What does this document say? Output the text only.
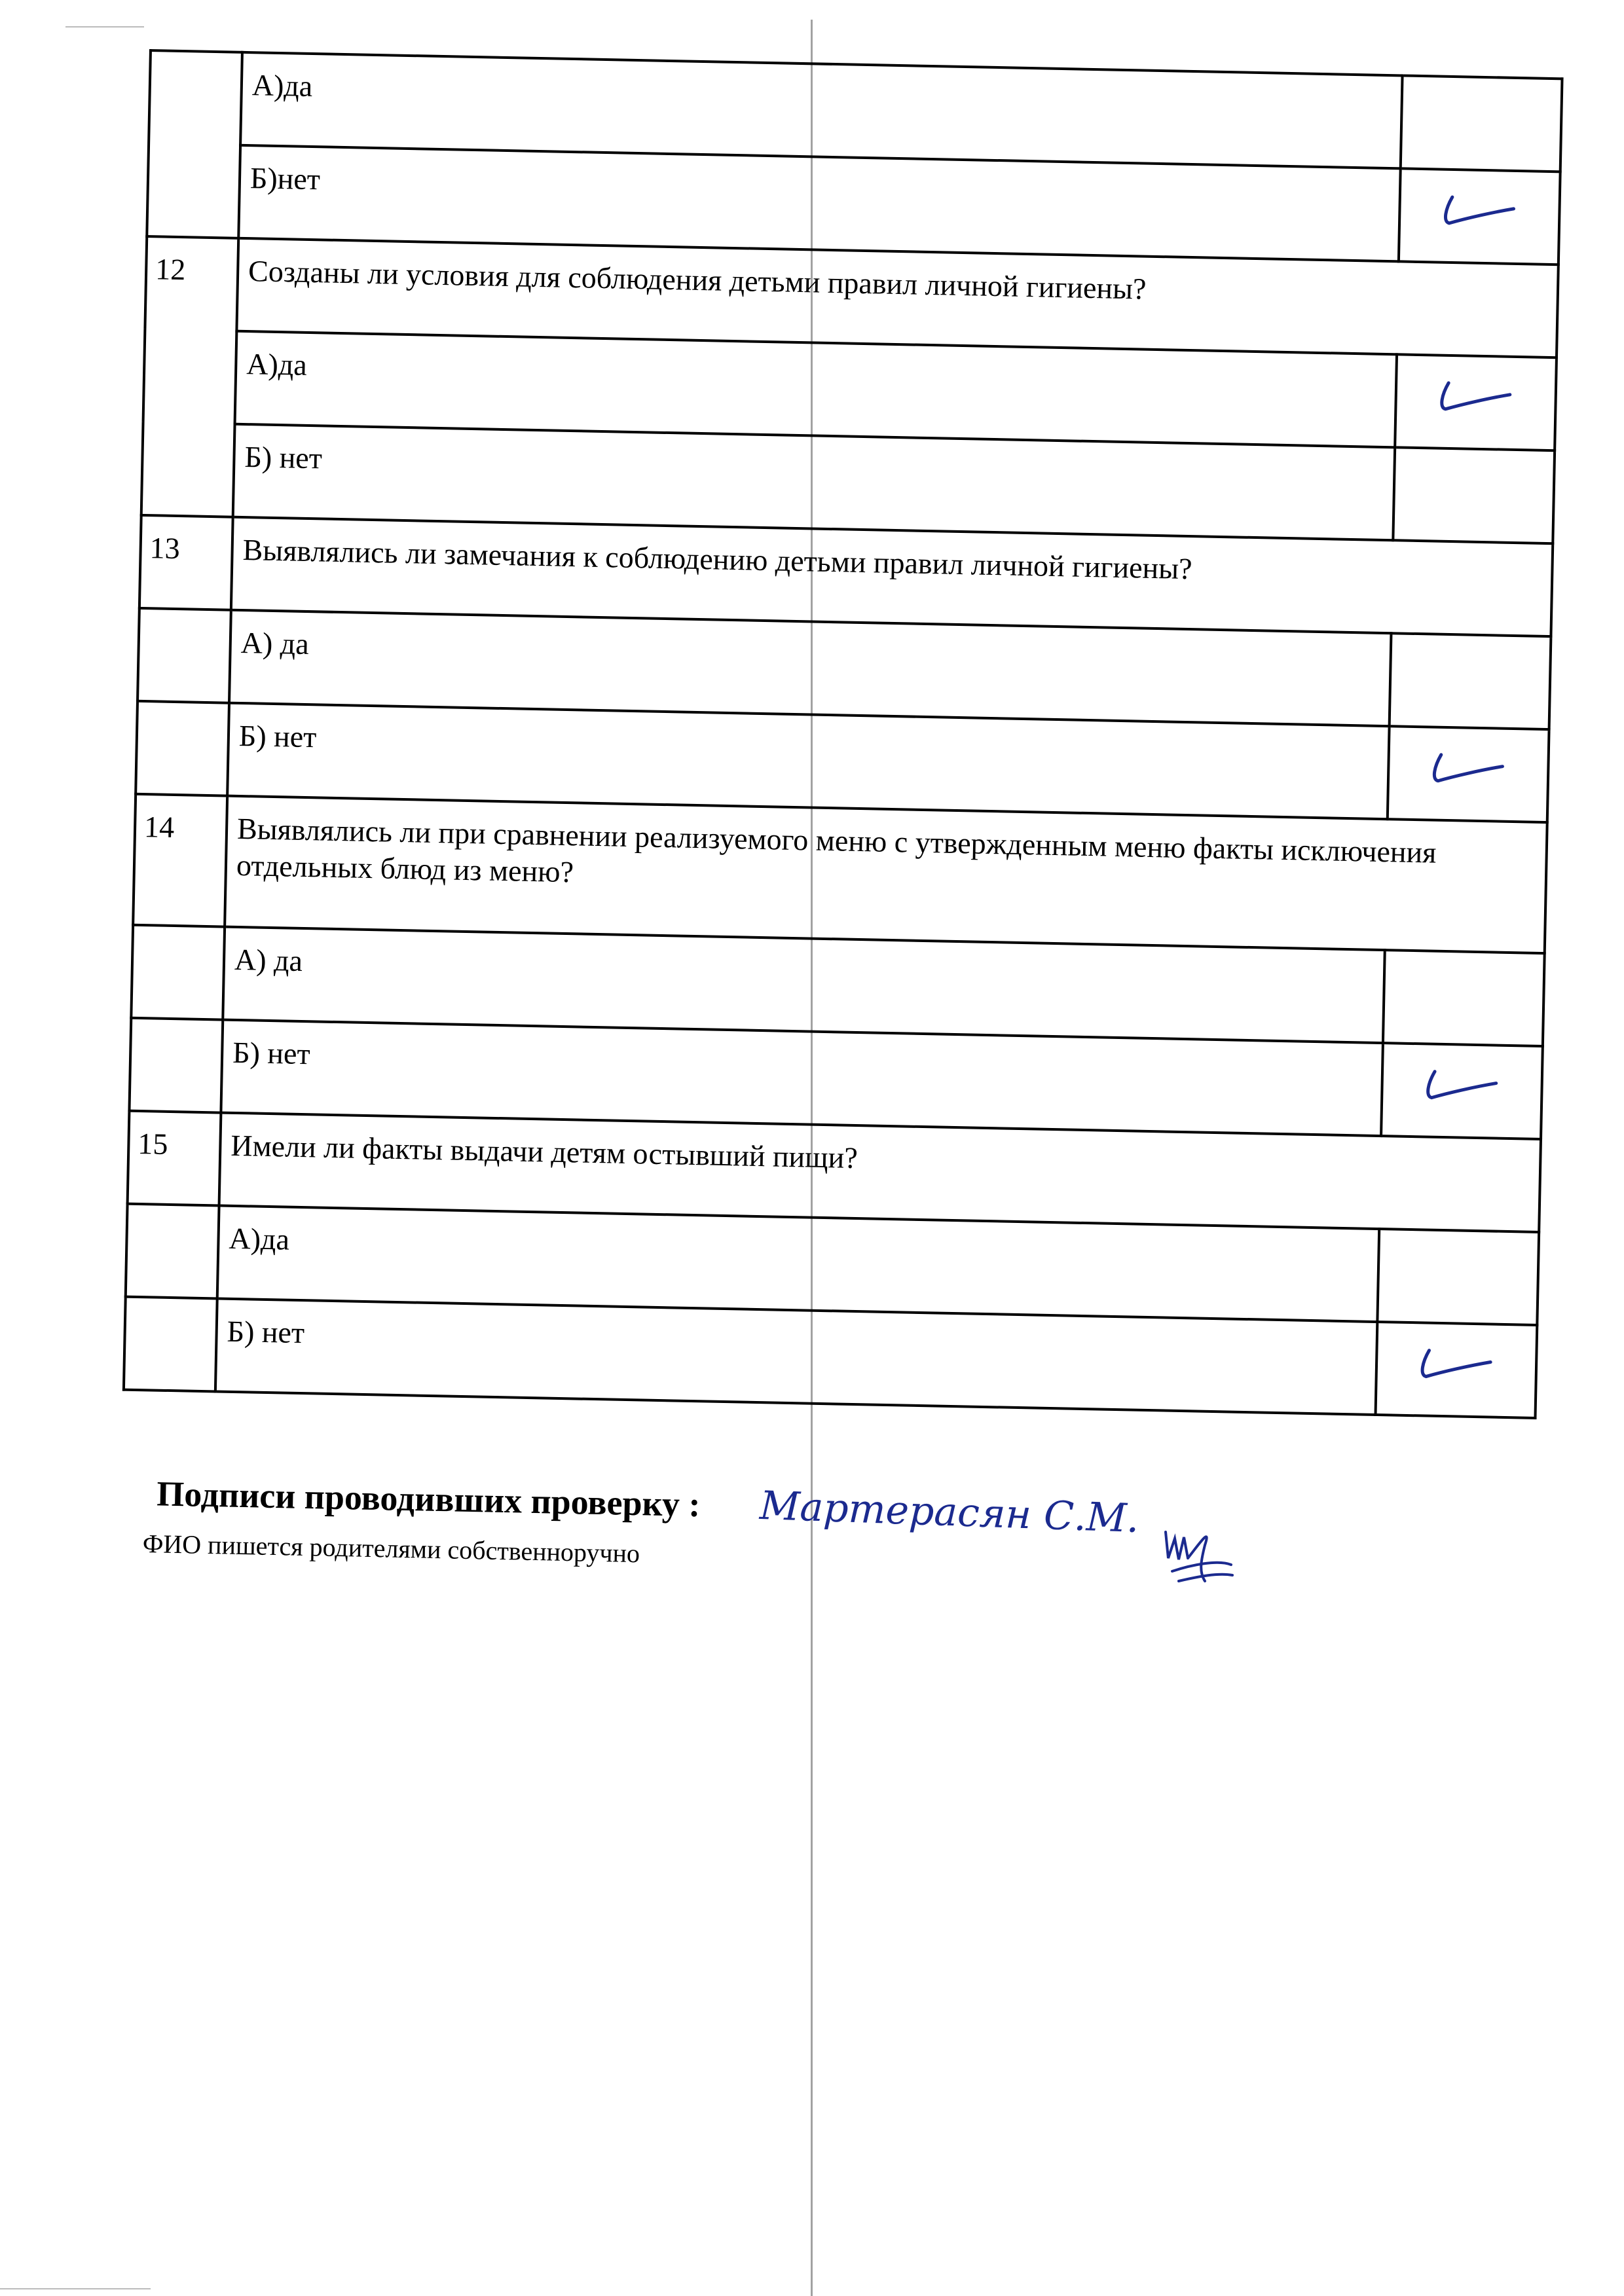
	А)да	
	Б)нет	
12	Созданы ли условия для соблюдения детьми правил личной гигиены?	
	А)да	
	Б) нет	
13	Выявлялись ли замечания к соблюдению детьми правил личной гигиены?	
	А) да	
	Б) нет	
14	Выявлялись ли при сравнении реализуемого меню с утвержденным меню факты исключения отдельных блюд из меню?	
	А) да	
	Б) нет	
15	Имели ли факты выдачи детям остывший пищи?	
	А)да	
	Б) нет	
Подписи проводивших проверку :
ФИО пишется родителями собственноручно
Мартерасян С.М.
